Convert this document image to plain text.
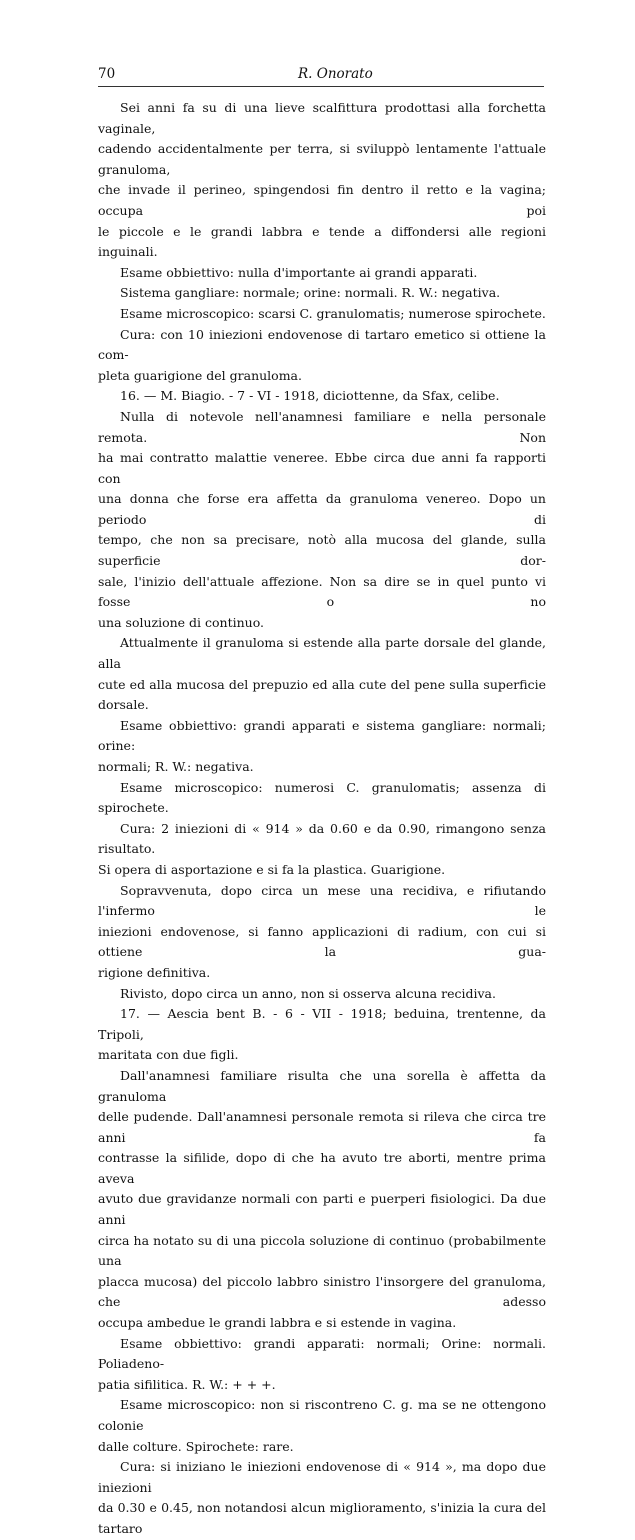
70	R. Onorato

Sei anni fa su di una lieve scalfittura prodottasi alla forchetta vaginale,

cadendo accidentalmente per terra, si sviluppò lentamente l'attuale granuloma,

che invade il perineo, spingendosi fin dentro il retto e la vagina; occupa poi

le piccole e le grandi labbra e tende a diffondersi alle regioni inguinali.

Esame obbiettivo: nulla d'importante ai grandi apparati.

Sistema gangliare: normale; orine: normali. R. W.: negativa.

Esame microscopico: scarsi C. granulomatis; numerose spirochete.

Cura: con 10 iniezioni endovenose di tartaro emetico si ottiene la com-

pleta guarigione del granuloma.

16. — M. Biagio. - 7 - VI - 1918, diciottenne, da Sfax, celibe.

Nulla di notevole nell'anamnesi familiare e nella personale remota. Non

ha mai contratto malattie veneree. Ebbe circa due anni fa rapporti con

una donna che forse era affetta da granuloma venereo. Dopo un periodo di

tempo, che non sa precisare, notò alla mucosa del glande, sulla superficie dor-

sale, l'inizio dell'attuale affezione. Non sa dire se in quel punto vi fosse o no

una soluzione di continuo.

Attualmente il granuloma si estende alla parte dorsale del glande, alla

cute ed alla mucosa del prepuzio ed alla cute del pene sulla superficie dorsale.

Esame obbiettivo: grandi apparati e sistema gangliare: normali; orine:

normali; R. W.: negativa.

Esame microscopico: numerosi C. granulomatis; assenza di spirochete.

Cura: 2 iniezioni di « 914 » da 0.60 e da 0.90, rimangono senza risultato.

Si opera di asportazione e si fa la plastica. Guarigione.

Sopravvenuta, dopo circa un mese una recidiva, e rifiutando l'infermo le

iniezioni endovenose, si fanno applicazioni di radium, con cui si ottiene la gua-

rigione definitiva.

Rivisto, dopo circa un anno, non si osserva alcuna recidiva.

17. — Aescia bent B. - 6 - VII - 1918; beduina, trentenne, da Tripoli,

maritata con due figli.

Dall'anamnesi familiare risulta che una sorella è affetta da granuloma

delle pudende. Dall'anamnesi personale remota si rileva che circa tre anni fa

contrasse la sifilide, dopo di che ha avuto tre aborti, mentre prima aveva

avuto due gravidanze normali con parti e puerperi fisiologici. Da due anni

circa ha notato su di una piccola soluzione di continuo (probabilmente una

placca mucosa) del piccolo labbro sinistro l'insorgere del granuloma, che adesso

occupa ambedue le grandi labbra e si estende in vagina.

Esame obbiettivo: grandi apparati: normali; Orine: normali. Poliadeno-

patia sifilitica. R. W.: + + +.

Esame microscopico: non si riscontreno C. g. ma se ne ottengono colonie

dalle colture. Spirochete: rare.

Cura: si iniziano le iniezioni endovenose di « 914 », ma dopo due iniezioni

da 0.30 e 0.45, non notandosi alcun miglioramento, s'inizia la cura del tartaro
